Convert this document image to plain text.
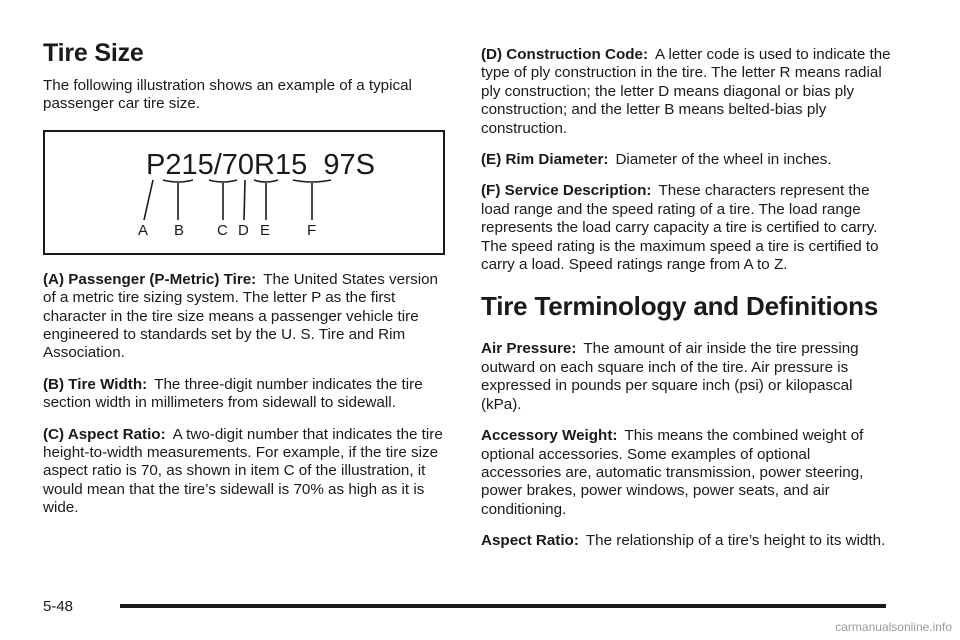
Tire Size

The following illustration shows an example of a typical passenger car tire size.

P215/70R15  97S
A B C D E F

(A) Passenger (P-Metric) Tire: The United States version of a metric tire sizing system. The letter P as the first character in the tire size means a passenger vehicle tire engineered to standards set by the U. S. Tire and Rim Association.

(B) Tire Width: The three-digit number indicates the tire section width in millimeters from sidewall to sidewall.

(C) Aspect Ratio: A two-digit number that indicates the tire height-to-width measurements. For example, if the tire size aspect ratio is 70, as shown in item C of the illustration, it would mean that the tire’s sidewall is 70% as high as it is wide.

(D) Construction Code: A letter code is used to indicate the type of ply construction in the tire. The letter R means radial ply construction; the letter D means diagonal or bias ply construction; and the letter B means belted-bias ply construction.

(E) Rim Diameter: Diameter of the wheel in inches.

(F) Service Description: These characters represent the load range and the speed rating of a tire. The load range represents the load carry capacity a tire is certified to carry. The speed rating is the maximum speed a tire is certified to carry a load. Speed ratings range from A to Z.

Tire Terminology and Definitions

Air Pressure: The amount of air inside the tire pressing outward on each square inch of the tire. Air pressure is expressed in pounds per square inch (psi) or kilopascal (kPa).

Accessory Weight: This means the combined weight of optional accessories. Some examples of optional accessories are, automatic transmission, power steering, power brakes, power windows, power seats, and air conditioning.

Aspect Ratio: The relationship of a tire’s height to its width.

5-48
carmanualsonline.info
